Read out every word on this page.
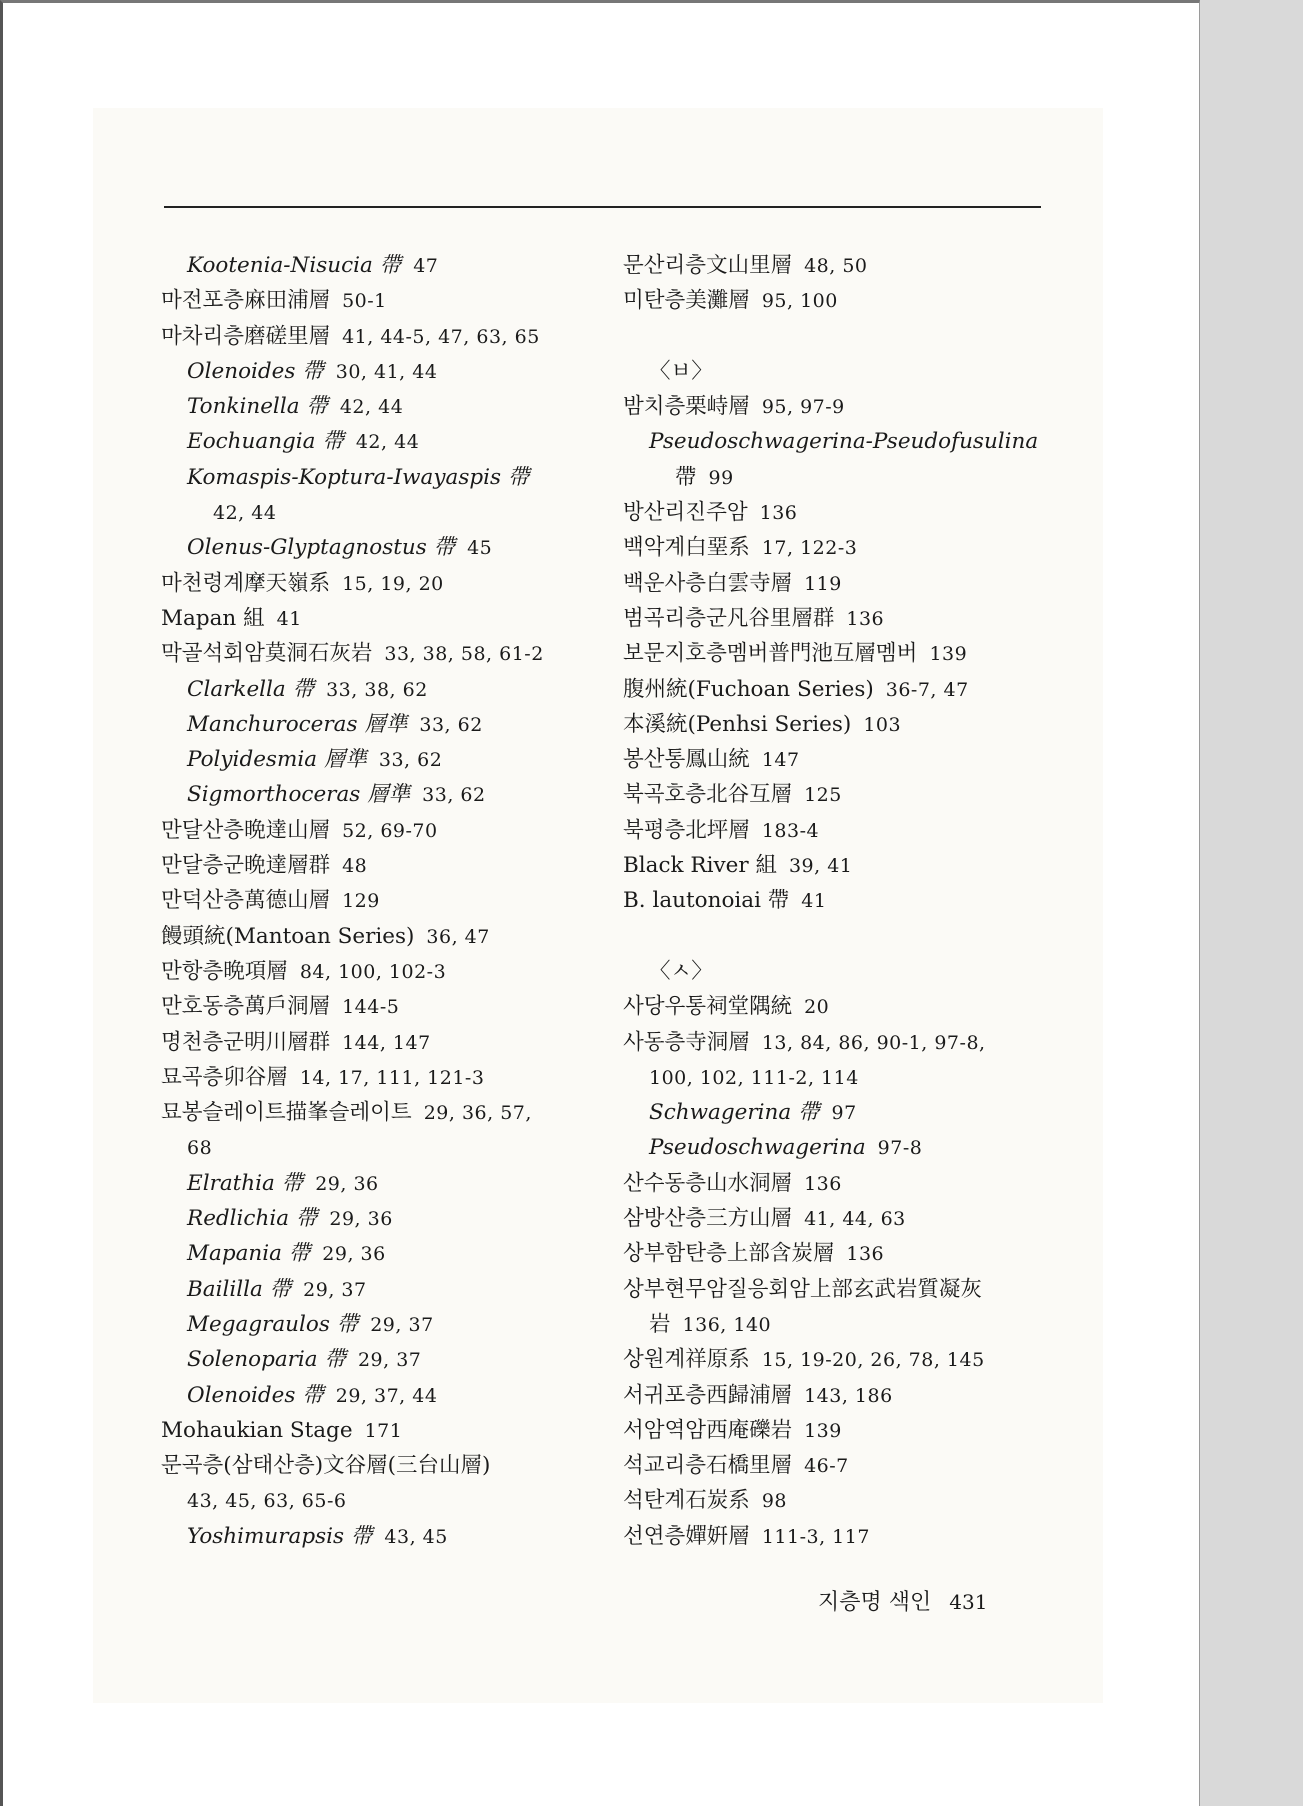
Kootenia-Nisucia 帶 47
마전포층麻田浦層 50-1
마차리층磨磋里層 41, 44-5, 47, 63, 65
Olenoides 帶 30, 41, 44
Tonkinella 帶 42, 44
Eochuangia 帶 42, 44
Komaspis-Koptura-Iwayaspis 帶
42, 44
Olenus-Glyptagnostus 帶 45
마천령계摩天嶺系 15, 19, 20
Mapan 組 41
막골석회암莫洞石灰岩 33, 38, 58, 61-2
Clarkella 帶 33, 38, 62
Manchuroceras 層準 33, 62
Polyidesmia 層準 33, 62
Sigmorthoceras 層準 33, 62
만달산층晩達山層 52, 69-70
만달층군晩達層群 48
만덕산층萬德山層 129
饅頭統(Mantoan Series) 36, 47
만항층晩項層 84, 100, 102-3
만호동층萬戶洞層 144-5
명천층군明川層群 144, 147
묘곡층卯谷層 14, 17, 111, 121-3
묘봉슬레이트描峯슬레이트 29, 36, 57,
68
Elrathia 帶 29, 36
Redlichia 帶 29, 36
Mapania 帶 29, 36
Baililla 帶 29, 37
Megagraulos 帶 29, 37
Solenoparia 帶 29, 37
Olenoides 帶 29, 37, 44
Mohaukian Stage 171
문곡층(삼태산층)文谷層(三台山層)
43, 45, 63, 65-6
Yoshimurapsis 帶 43, 45
문산리층文山里層 48, 50
미탄층美灘層 95, 100
〈ㅂ〉
밤치층栗峙層 95, 97-9
Pseudoschwagerina-Pseudofusulina
帶 99
방산리진주암 136
백악계白堊系 17, 122-3
백운사층白雲寺層 119
범곡리층군凡谷里層群 136
보문지호층멤버普門池互層멤버 139
腹州統(Fuchoan Series) 36-7, 47
本溪統(Penhsi Series) 103
봉산통鳳山統 147
북곡호층北谷互層 125
북평층北坪層 183-4
Black River 組 39, 41
B. lautonoiai 帶 41
〈ㅅ〉
사당우통祠堂隅統 20
사동층寺洞層 13, 84, 86, 90-1, 97-8,
100, 102, 111-2, 114
Schwagerina 帶 97
Pseudoschwagerina 97-8
산수동층山水洞層 136
삼방산층三方山層 41, 44, 63
상부함탄층上部含炭層 136
상부현무암질응회암上部玄武岩質凝灰
岩 136, 140
상원계祥原系 15, 19-20, 26, 78, 145
서귀포층西歸浦層 143, 186
서암역암西庵礫岩 139
석교리층石橋里層 46-7
석탄계石炭系 98
선연층嬋姸層 111-3, 117
지층명 색인 431
